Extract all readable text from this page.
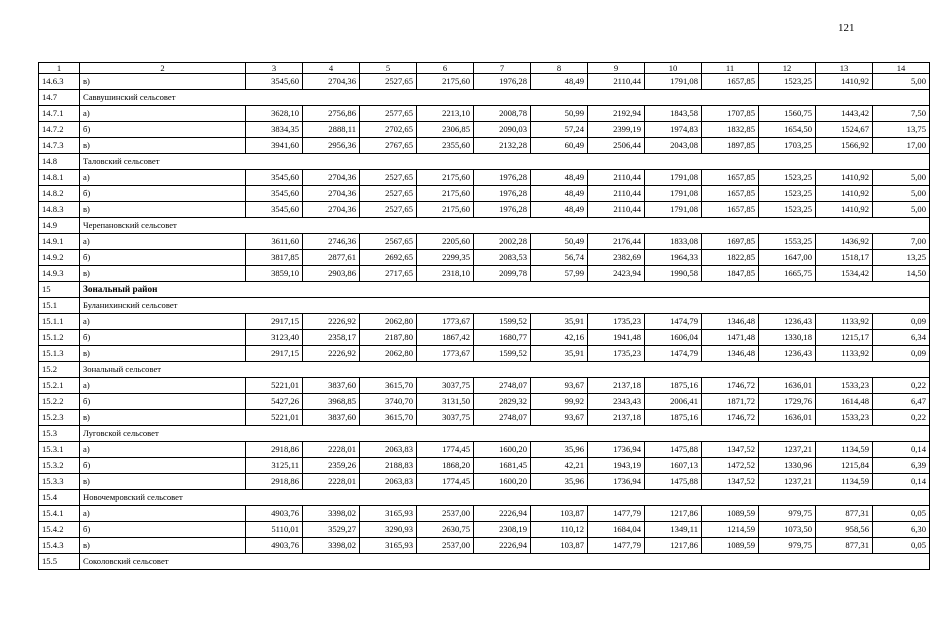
121
1	2	3	4	5	6	7	8	9	10	11	12	13	14
14.6.3	в)	3545,60	2704,36	2527,65	2175,60	1976,28	48,49	2110,44	1791,08	1657,85	1523,25	1410,92	5,00
14.7	Саввушинский сельсовет												
14.7.1	а)	3628,10	2756,86	2577,65	2213,10	2008,78	50,99	2192,94	1843,58	1707,85	1560,75	1443,42	7,50
14.7.2	б)	3834,35	2888,11	2702,65	2306,85	2090,03	57,24	2399,19	1974,83	1832,85	1654,50	1524,67	13,75
14.7.3	в)	3941,60	2956,36	2767,65	2355,60	2132,28	60,49	2506,44	2043,08	1897,85	1703,25	1566,92	17,00
14.8	Таловский сельсовет												
14.8.1	а)	3545,60	2704,36	2527,65	2175,60	1976,28	48,49	2110,44	1791,08	1657,85	1523,25	1410,92	5,00
14.8.2	б)	3545,60	2704,36	2527,65	2175,60	1976,28	48,49	2110,44	1791,08	1657,85	1523,25	1410,92	5,00
14.8.3	в)	3545,60	2704,36	2527,65	2175,60	1976,28	48,49	2110,44	1791,08	1657,85	1523,25	1410,92	5,00
14.9	Черепановский сельсовет												
14.9.1	а)	3611,60	2746,36	2567,65	2205,60	2002,28	50,49	2176,44	1833,08	1697,85	1553,25	1436,92	7,00
14.9.2	б)	3817,85	2877,61	2692,65	2299,35	2083,53	56,74	2382,69	1964,33	1822,85	1647,00	1518,17	13,25
14.9.3	в)	3859,10	2903,86	2717,65	2318,10	2099,78	57,99	2423,94	1990,58	1847,85	1665,75	1534,42	14,50
15	Зональный район												
15.1	Буланихинский сельсовет												
15.1.1	а)	2917,15	2226,92	2062,80	1773,67	1599,52	35,91	1735,23	1474,79	1346,48	1236,43	1133,92	0,09
15.1.2	б)	3123,40	2358,17	2187,80	1867,42	1680,77	42,16	1941,48	1606,04	1471,48	1330,18	1215,17	6,34
15.1.3	в)	2917,15	2226,92	2062,80	1773,67	1599,52	35,91	1735,23	1474,79	1346,48	1236,43	1133,92	0,09
15.2	Зональный сельсовет												
15.2.1	а)	5221,01	3837,60	3615,70	3037,75	2748,07	93,67	2137,18	1875,16	1746,72	1636,01	1533,23	0,22
15.2.2	б)	5427,26	3968,85	3740,70	3131,50	2829,32	99,92	2343,43	2006,41	1871,72	1729,76	1614,48	6,47
15.2.3	в)	5221,01	3837,60	3615,70	3037,75	2748,07	93,67	2137,18	1875,16	1746,72	1636,01	1533,23	0,22
15.3	Луговской сельсовет												
15.3.1	а)	2918,86	2228,01	2063,83	1774,45	1600,20	35,96	1736,94	1475,88	1347,52	1237,21	1134,59	0,14
15.3.2	б)	3125,11	2359,26	2188,83	1868,20	1681,45	42,21	1943,19	1607,13	1472,52	1330,96	1215,84	6,39
15.3.3	в)	2918,86	2228,01	2063,83	1774,45	1600,20	35,96	1736,94	1475,88	1347,52	1237,21	1134,59	0,14
15.4	Новочемровский сельсовет												
15.4.1	а)	4903,76	3398,02	3165,93	2537,00	2226,94	103,87	1477,79	1217,86	1089,59	979,75	877,31	0,05
15.4.2	б)	5110,01	3529,27	3290,93	2630,75	2308,19	110,12	1684,04	1349,11	1214,59	1073,50	958,56	6,30
15.4.3	в)	4903,76	3398,02	3165,93	2537,00	2226,94	103,87	1477,79	1217,86	1089,59	979,75	877,31	0,05
15.5	Соколовский сельсовет												
